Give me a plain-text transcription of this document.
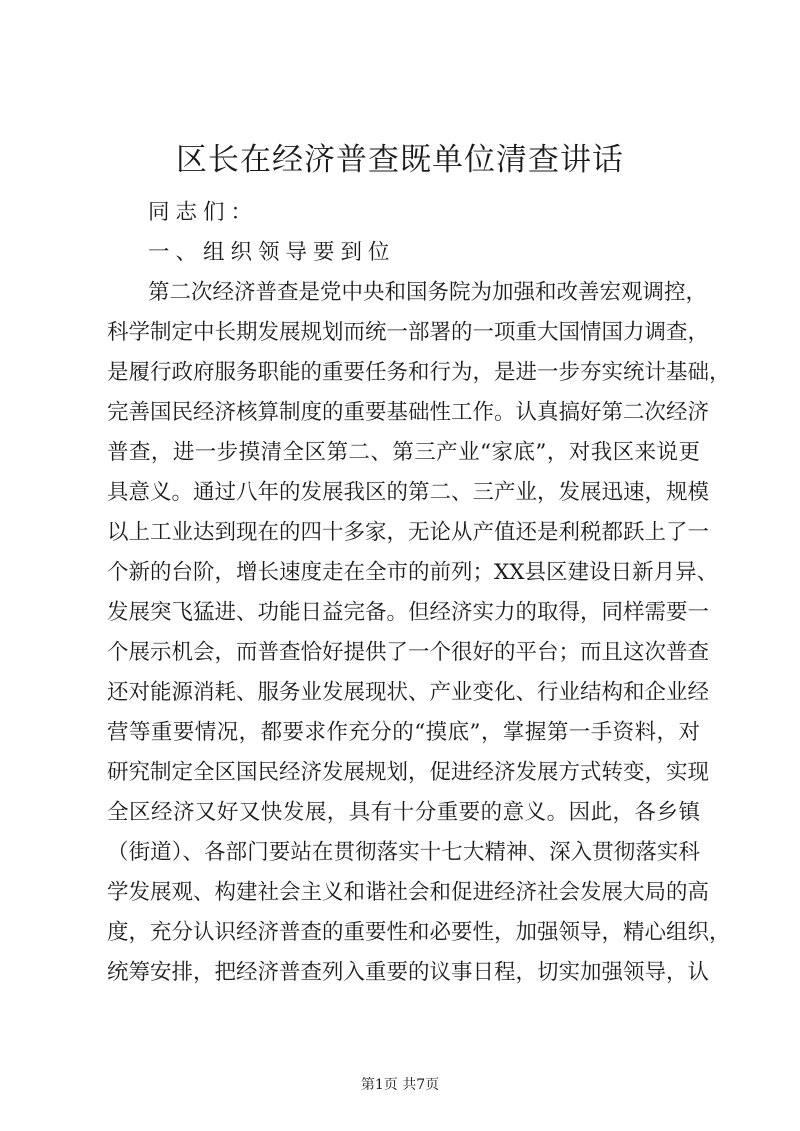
区长在经济普查既单位清查讲话
同志们：
一、组织领导要到位
第二次经济普查是党中央和国务院为加强和改善宏观调控，
科学制定中长期发展规划而统一部署的一项重大国情国力调查，
是履行政府服务职能的重要任务和行为，是进一步夯实统计基础，
完善国民经济核算制度的重要基础性工作。认真搞好第二次经济
普查，进一步摸清全区第二、第三产业“家底”，对我区来说更
具意义。通过八年的发展我区的第二、三产业，发展迅速，规模
以上工业达到现在的四十多家，无论从产值还是利税都跃上了一
个新的台阶，增长速度走在全市的前列；XX县区建设日新月异、
发展突飞猛进、功能日益完备。但经济实力的取得，同样需要一
个展示机会，而普查恰好提供了一个很好的平台；而且这次普查
还对能源消耗、服务业发展现状、产业变化、行业结构和企业经
营等重要情况，都要求作充分的“摸底”，掌握第一手资料，对
研究制定全区国民经济发展规划，促进经济发展方式转变，实现
全区经济又好又快发展，具有十分重要的意义。因此，各乡镇
（街道）、各部门要站在贯彻落实十七大精神、深入贯彻落实科
学发展观、构建社会主义和谐社会和促进经济社会发展大局的高
度，充分认识经济普查的重要性和必要性，加强领导，精心组织，
统筹安排，把经济普查列入重要的议事日程，切实加强领导，认
第1页 共7页
